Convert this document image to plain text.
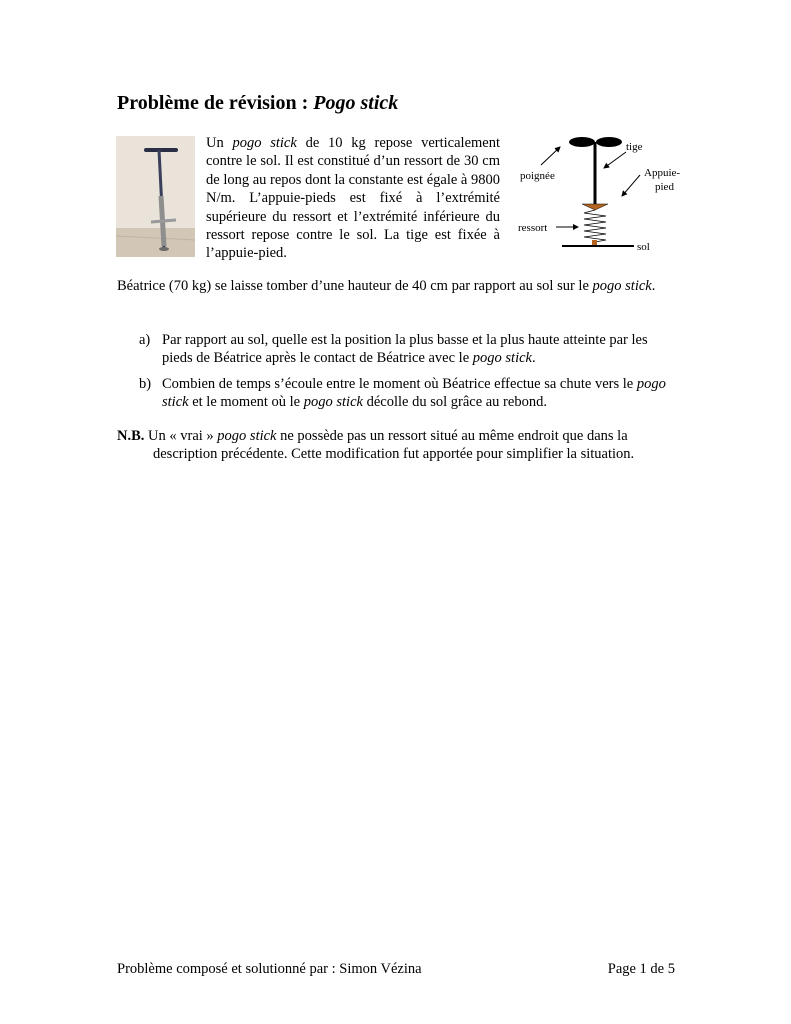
Problème de révision : Pogo stick

Un pogo stick de 10 kg repose verticalement contre le sol. Il est constitué d’un ressort de 30 cm de long au repos dont la constante est égale à 9800 N/m. L’appuie-pieds est fixé à l’extrémité supérieure du ressort et l’extrémité inférieure du ressort repose contre le sol. La tige est fixée à l’appuie-pied.

tige
poignée	Appuie-
pied
ressort
sol

Béatrice (70 kg) se laisse tomber d’une hauteur de 40 cm par rapport au sol sur le pogo stick.

a) Par rapport au sol, quelle est la position la plus basse et la plus haute atteinte par les pieds de Béatrice après le contact de Béatrice avec le pogo stick.
b) Combien de temps s’écoule entre le moment où Béatrice effectue sa chute vers le pogo stick et le moment où le pogo stick décolle du sol grâce au rebond.

N.B. Un « vrai » pogo stick ne possède pas un ressort situé au même endroit que dans la description précédente. Cette modification fut apportée pour simplifier la situation.

Problème composé et solutionné par : Simon Vézina	Page 1 de 5
